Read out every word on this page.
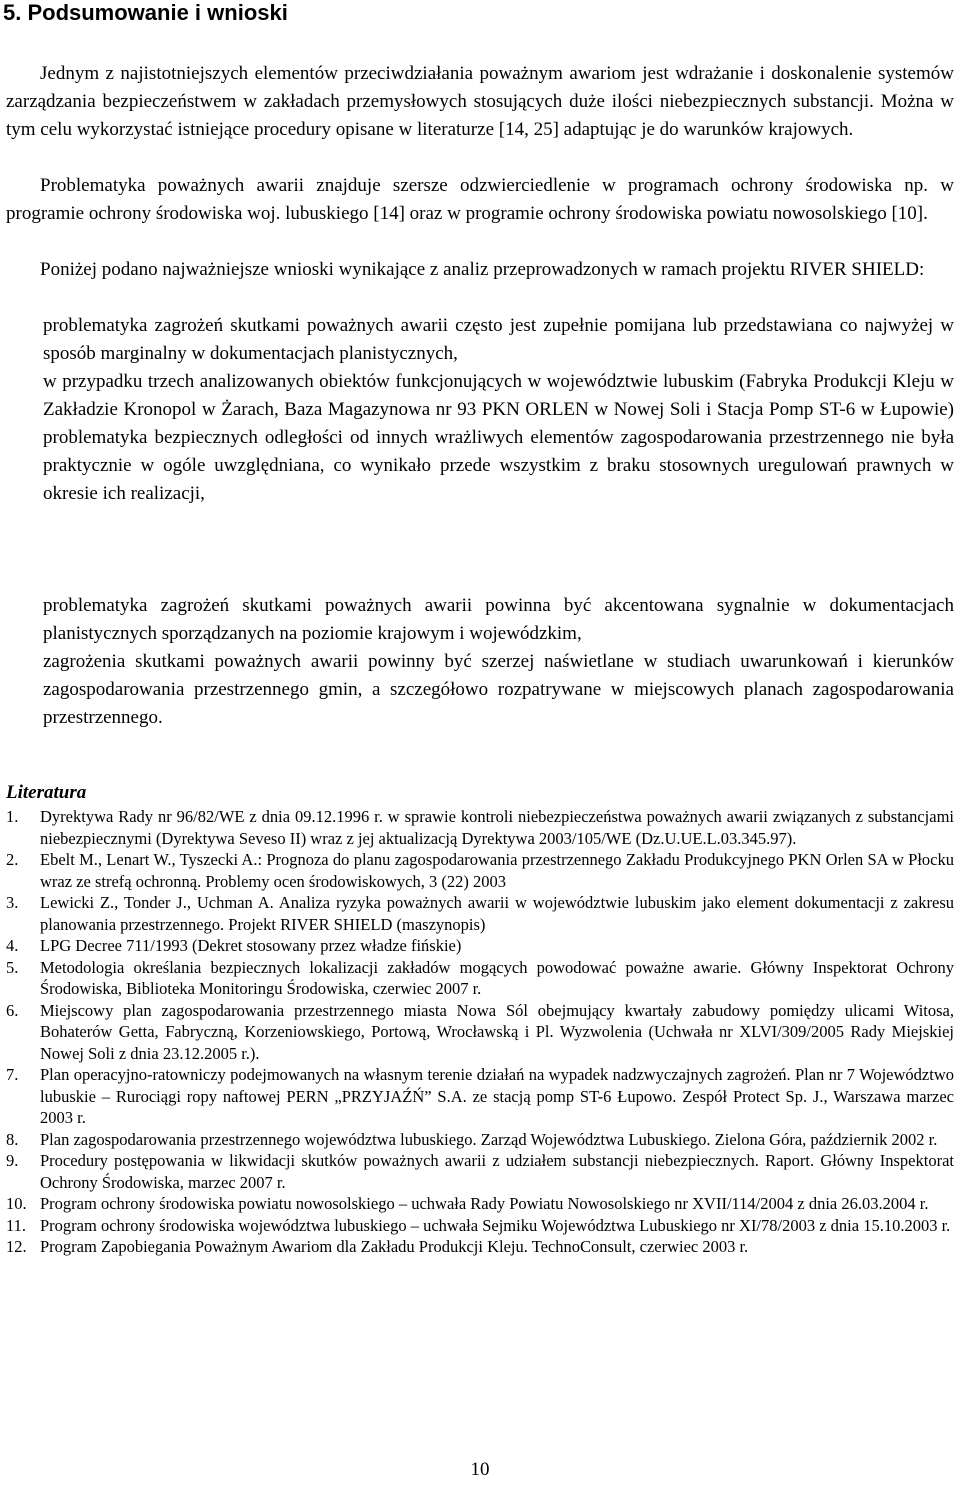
5. Podsumowanie i wnioski

Jednym z najistotniejszych elementów przeciwdziałania poważnym awariom jest wdrażanie i doskonalenie systemów zarządzania bezpieczeństwem w zakładach przemysłowych stosujących duże ilości niebezpiecznych substancji. Można w tym celu wykorzystać istniejące procedury opisane w literaturze [14, 25] adaptując je do warunków krajowych.

Problematyka poważnych awarii znajduje szersze odzwierciedlenie w programach ochrony środowiska np. w programie ochrony środowiska woj. lubuskiego [14] oraz w programie ochrony środowiska powiatu nowosolskiego [10].

Poniżej podano najważniejsze wnioski wynikające z analiz przeprowadzonych w ramach projektu RIVER SHIELD:

problematyka zagrożeń skutkami poważnych awarii często jest zupełnie pomijana lub przedstawiana co najwyżej w sposób marginalny w dokumentacjach planistycznych,
w przypadku trzech analizowanych obiektów funkcjonujących w województwie lubuskim (Fabryka Produkcji Kleju w Zakładzie Kronopol w Żarach, Baza Magazynowa nr 93 PKN ORLEN w Nowej Soli i Stacja Pomp ST-6 w Łupowie) problematyka bezpiecznych odległości od innych wrażliwych elementów zagospodarowania przestrzennego nie była praktycznie w ogóle uwzględniana, co wynikało przede wszystkim z braku stosownych uregulowań prawnych w okresie ich realizacji,
problematyka zagrożeń skutkami poważnych awarii powinna być akcentowana sygnalnie w dokumentacjach planistycznych sporządzanych na poziomie krajowym i wojewódzkim,
zagrożenia skutkami poważnych awarii powinny być szerzej naświetlane w studiach uwarunkowań i kierunków zagospodarowania przestrzennego gmin, a szczegółowo rozpatrywane w miejscowych planach zagospodarowania przestrzennego.
Literatura
1.	Dyrektywa Rady nr 96/82/WE z dnia 09.12.1996 r. w sprawie kontroli niebezpieczeństwa poważnych awarii związanych z substancjami niebezpiecznymi (Dyrektywa Seveso II) wraz z jej aktualizacją Dyrektywa 2003/105/WE (Dz.U.UE.L.03.345.97).
2.	Ebelt M., Lenart W., Tyszecki A.: Prognoza do planu zagospodarowania przestrzennego Zakładu Produkcyjnego PKN Orlen SA w Płocku wraz ze strefą ochronną. Problemy ocen środowiskowych, 3 (22) 2003
3.	Lewicki Z., Tonder J., Uchman A. Analiza ryzyka poważnych awarii w województwie lubuskim jako element dokumentacji z zakresu planowania przestrzennego. Projekt RIVER SHIELD (maszynopis)
4.	LPG Decree 711/1993 (Dekret stosowany przez władze fińskie)
5.	Metodologia określania bezpiecznych lokalizacji zakładów mogących powodować poważne awarie. Główny Inspektorat Ochrony Środowiska, Biblioteka Monitoringu Środowiska, czerwiec 2007 r.
6.	Miejscowy plan zagospodarowania przestrzennego miasta Nowa Sól obejmujący kwartały zabudowy pomiędzy ulicami Witosa, Bohaterów Getta, Fabryczną, Korzeniowskiego, Portową, Wrocławską i Pl. Wyzwolenia (Uchwała nr XLVI/309/2005 Rady Miejskiej Nowej Soli z dnia 23.12.2005 r.).
7.	Plan operacyjno-ratowniczy podejmowanych na własnym terenie działań na wypadek nadzwyczajnych zagrożeń. Plan nr 7 Województwo lubuskie – Rurociągi ropy naftowej PERN „PRZYJAŹŃ” S.A. ze stacją pomp ST-6 Łupowo. Zespół Protect Sp. J., Warszawa marzec 2003 r.
8.	Plan zagospodarowania przestrzennego województwa lubuskiego. Zarząd Województwa Lubuskiego. Zielona Góra, październik 2002 r.
9.	Procedury postępowania w likwidacji skutków poważnych awarii z udziałem substancji niebezpiecznych. Raport. Główny Inspektorat Ochrony Środowiska, marzec 2007 r.
10. Program ochrony środowiska powiatu nowosolskiego – uchwała Rady Powiatu Nowosolskiego nr XVII/114/2004 z dnia 26.03.2004 r.
11. Program ochrony środowiska województwa lubuskiego – uchwała Sejmiku Województwa Lubuskiego nr XI/78/2003 z dnia 15.10.2003 r.
12. Program Zapobiegania Poważnym Awariom dla Zakładu Produkcji Kleju. TechnoConsult, czerwiec 2003 r.
10
